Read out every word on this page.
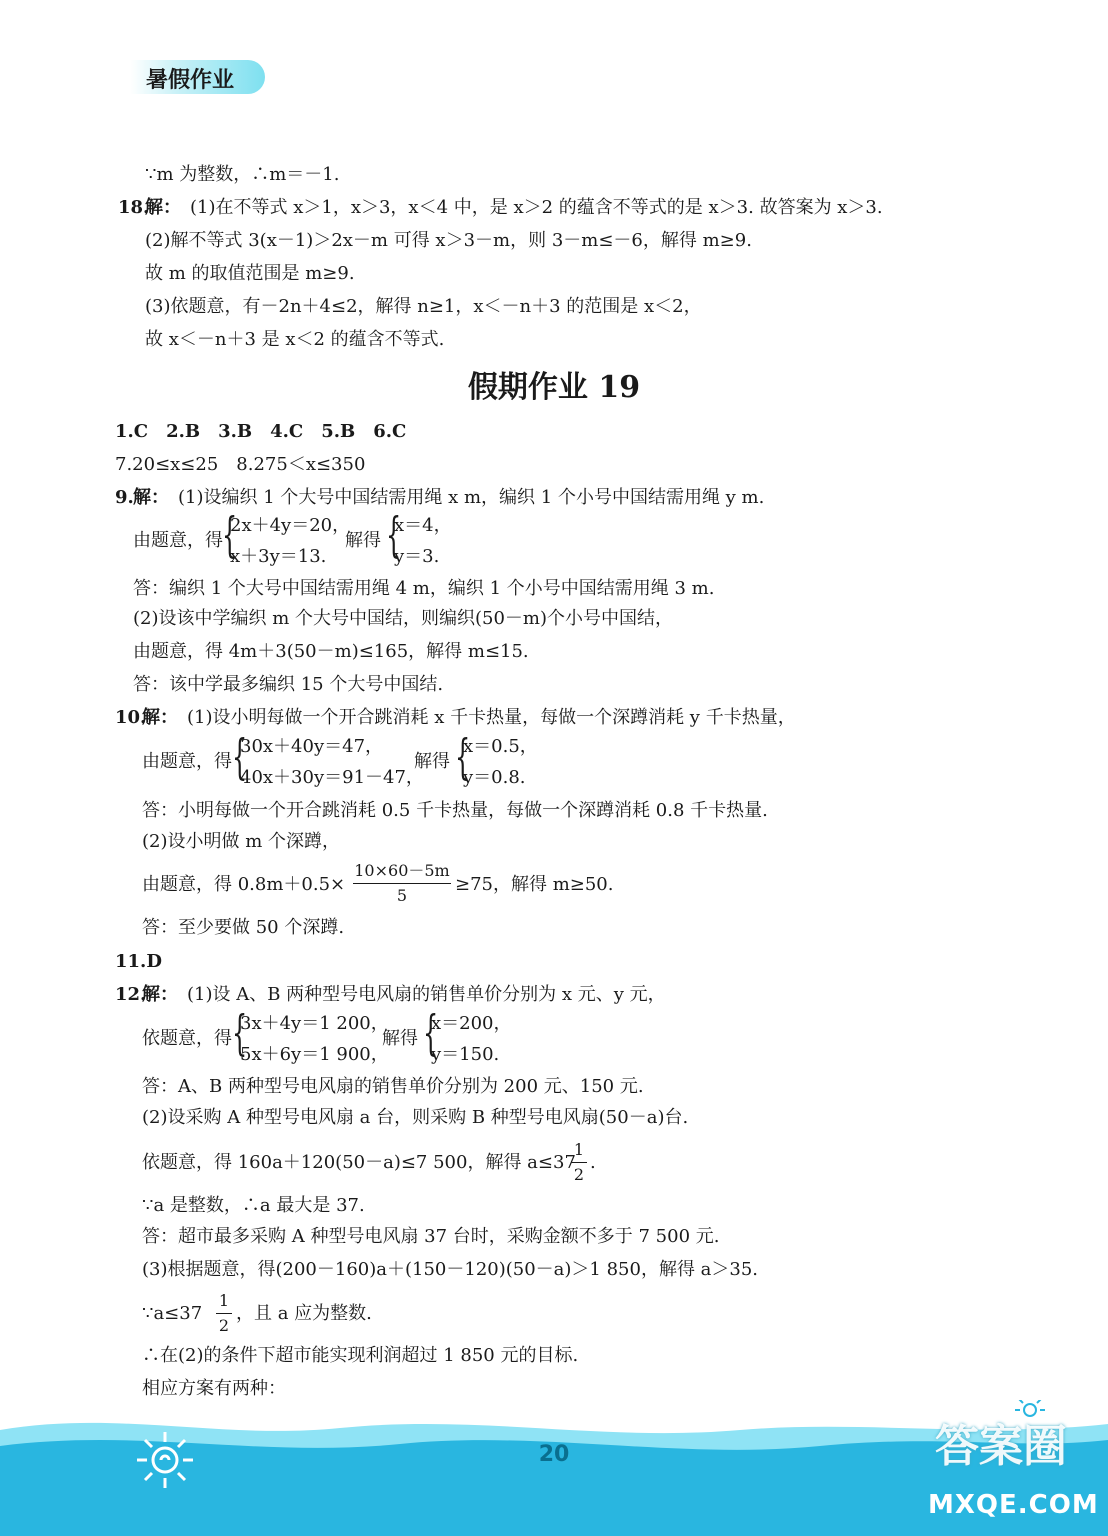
暑假作业
∵m 为整数，∴m＝－1.
18.
解： (1)在不等式 x＞1，x＞3，x＜4 中，是 x＞2 的蕴含不等式的是 x＞3. 故答案为 x＞3.
(2)解不等式 3(x－1)＞2x－m 可得 x＞3－m，则 3－m≤－6，解得 m≥9.
故 m 的取值范围是 m≥9.
(3)依题意，有－2n＋4≤2，解得 n≥1，x＜－n＋3 的范围是 x＜2，
故 x＜－n＋3 是 x＜2 的蕴含不等式.
假期作业 19
1.C　2.B　3.B　4.C　5.B　6.C
7.20≤x≤25　8.275＜x≤350
9. 解： (1)设编织 1 个大号中国结需用绳 x m，编织 1 个小号中国结需用绳 y m.
由题意，得 {
2x＋4y＝20，
x＋3y＝13.
解得 {
x＝4，
y＝3.
答：编织 1 个大号中国结需用绳 4 m，编织 1 个小号中国结需用绳 3 m.
(2)设该中学编织 m 个大号中国结，则编织(50－m)个小号中国结，
由题意，得 4m＋3(50－m)≤165，解得 m≤15.
答：该中学最多编织 15 个大号中国结.
10.
解： (1)设小明每做一个开合跳消耗 x 千卡热量，每做一个深蹲消耗 y 千卡热量，
由题意，得 {
30x＋40y＝47，
40x＋30y＝91－47，
解得 {
x＝0.5，
y＝0.8.
答：小明每做一个开合跳消耗 0.5 千卡热量，每做一个深蹲消耗 0.8 千卡热量.
(2)设小明做 m 个深蹲，
由题意，得 0.8m＋0.5×
10×60－5m
5
≥75，解得 m≥50.
答：至少要做 50 个深蹲.
11.D
12.
解： (1)设 A、B 两种型号电风扇的销售单价分别为 x 元、y 元，
依题意，得 {
3x＋4y＝1 200，
5x＋6y＝1 900，
解得 {
x＝200，
y＝150.
答：A、B 两种型号电风扇的销售单价分别为 200 元、150 元.
(2)设采购 A 种型号电风扇 a 台，则采购 B 种型号电风扇(50－a)台.
依题意，得 160a＋120(50－a)≤7 500，解得 a≤37
1
2
.
∵a 是整数，∴a 最大是 37.
答：超市最多采购 A 种型号电风扇 37 台时，采购金额不多于 7 500 元.
(3)根据题意，得(200－160)a＋(150－120)(50－a)＞1 850，解得 a＞35.
∵a≤37
1
2
，且 a 应为整数.
∴在(2)的条件下超市能实现利润超过 1 850 元的目标.
相应方案有两种：
20	答案圈
MXQE.COM
